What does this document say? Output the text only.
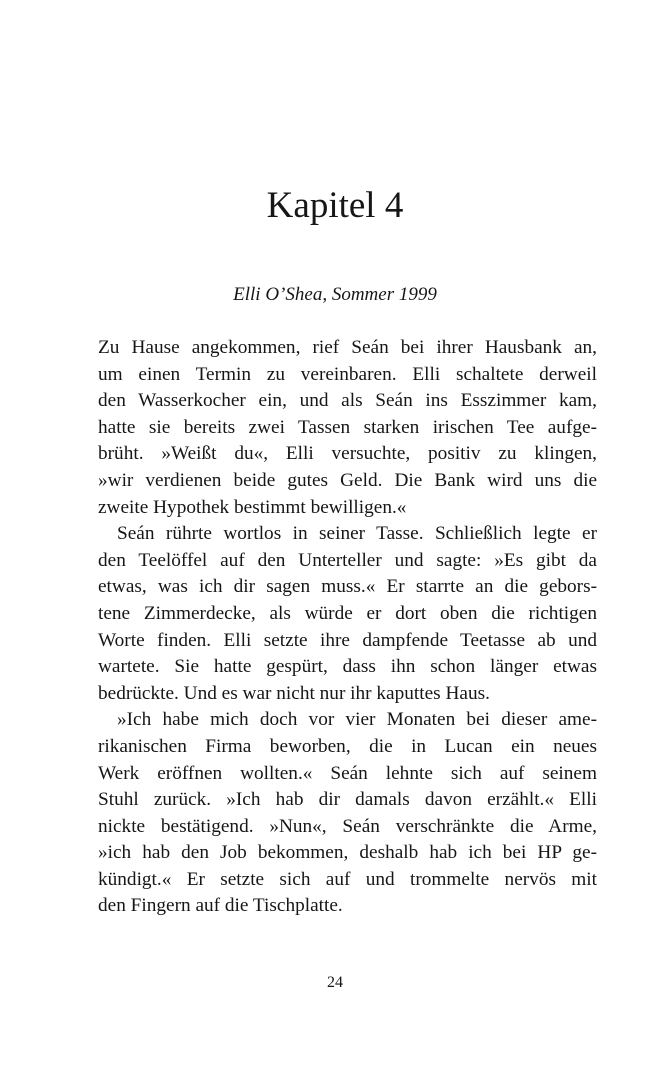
Kapitel 4
Elli O’Shea, Sommer 1999

Zu Hause angekommen, rief Seán bei ihrer Hausbank an,
um einen Termin zu vereinbaren. Elli schaltete derweil
den Wasserkocher ein, und als Seán ins Esszimmer kam,
hatte sie bereits zwei Tassen starken irischen Tee aufge-
brüht. »Weißt du«, Elli versuchte, positiv zu klingen,
»wir verdienen beide gutes Geld. Die Bank wird uns die
zweite Hypothek bestimmt bewilligen.«

Seán rührte wortlos in seiner Tasse. Schließlich legte er
den Teelöffel auf den Unterteller und sagte: »Es gibt da
etwas, was ich dir sagen muss.« Er starrte an die gebors-
tene Zimmerdecke, als würde er dort oben die richtigen
Worte finden. Elli setzte ihre dampfende Teetasse ab und
wartete. Sie hatte gespürt, dass ihn schon länger etwas
bedrückte. Und es war nicht nur ihr kaputtes Haus.

»Ich habe mich doch vor vier Monaten bei dieser ame-
rikanischen Firma beworben, die in Lucan ein neues
Werk eröffnen wollten.« Seán lehnte sich auf seinem
Stuhl zurück. »Ich hab dir damals davon erzählt.« Elli
nickte bestätigend. »Nun«, Seán verschränkte die Arme,
»ich hab den Job bekommen, deshalb hab ich bei HP ge-
kündigt.« Er setzte sich auf und trommelte nervös mit
den Fingern auf die Tischplatte.

24
